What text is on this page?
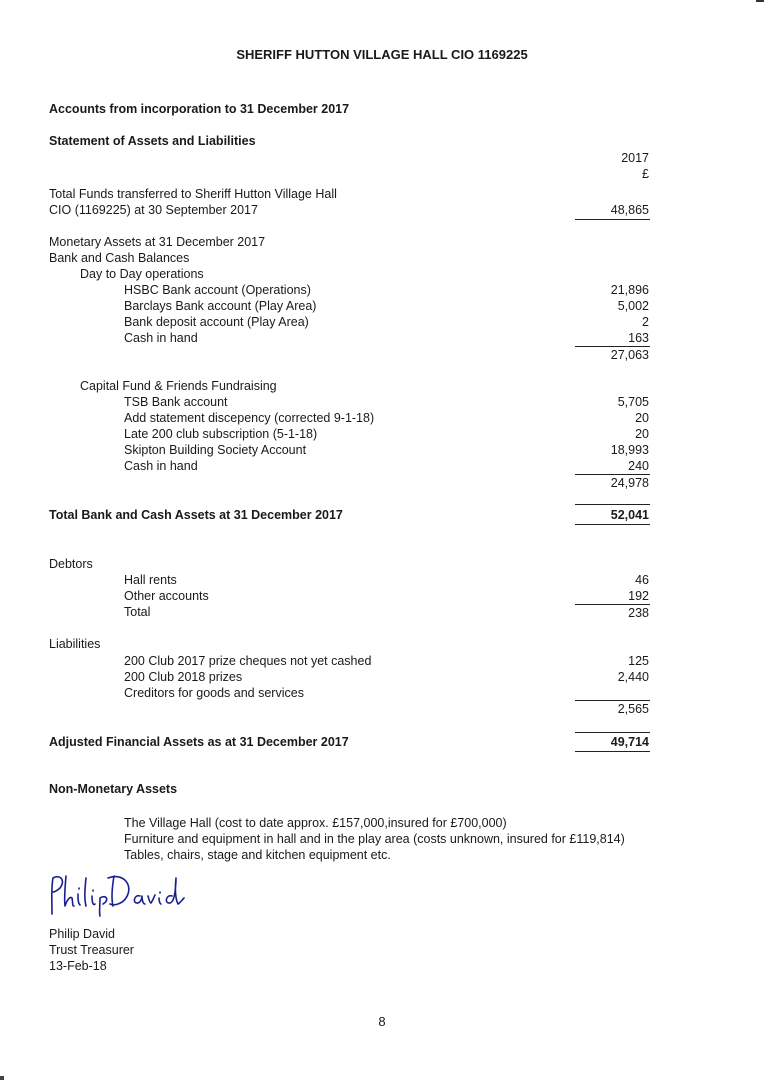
SHERIFF HUTTON VILLAGE HALL CIO 1169225
Accounts from incorporation to 31 December 2017
Statement of Assets and Liabilities
2017
£
Total Funds transferred to Sheriff Hutton Village Hall
CIO (1169225) at 30 September 2017	48,865
Monetary Assets at 31 December 2017
Bank and Cash Balances
Day to Day operations
HSBC Bank account (Operations)	21,896
Barclays Bank account (Play Area)	5,002
Bank deposit account (Play Area)	2
Cash in hand	163
27,063
Capital Fund & Friends Fundraising
TSB Bank account	5,705
Add statement discepency (corrected 9-1-18)	20
Late 200 club subscription (5-1-18)	20
Skipton Building Society Account	18,993
Cash in hand	240
24,978
Total Bank and Cash Assets at 31 December 2017	52,041
Debtors
Hall rents	46
Other accounts	192
Total	238
Liabilities
200 Club 2017 prize cheques not yet cashed	125
200 Club 2018 prizes	2,440
Creditors for goods and services
2,565
Adjusted Financial Assets as at 31 December 2017	49,714
Non-Monetary Assets
The Village Hall (cost to date approx. £157,000,insured for £700,000)
Furniture and equipment in hall and in the play area (costs unknown, insured for £119,814)
Tables, chairs, stage and kitchen equipment etc.
Philip David
Trust Treasurer
13-Feb-18
8
